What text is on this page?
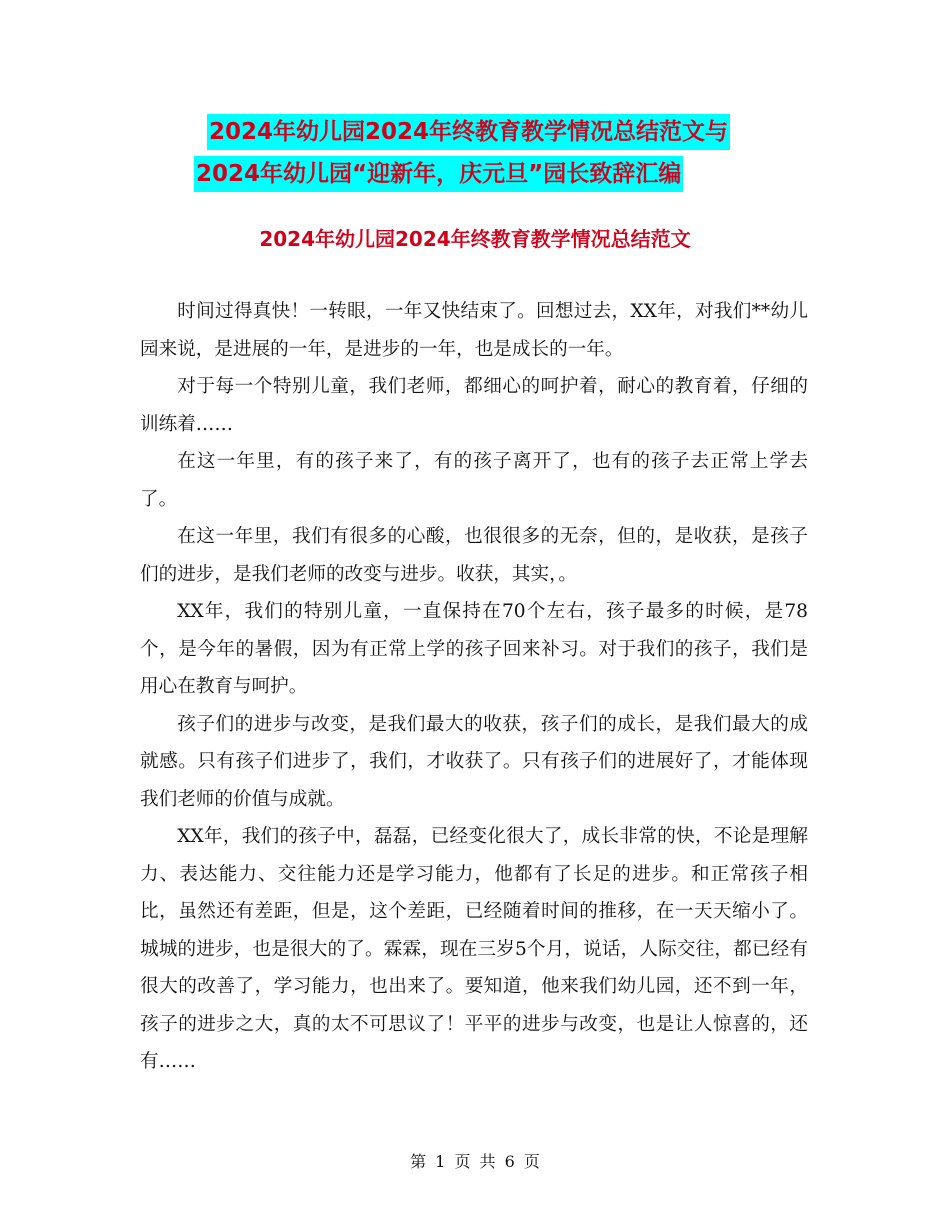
2024年幼儿园2024年终教育教学情况总结范文与
2024年幼儿园“迎新年，庆元旦”园长致辞汇编
2024年幼儿园2024年终教育教学情况总结范文

时间过得真快！一转眼，一年又快结束了。回想过去，XX年，对我们**幼儿园来说，是进展的一年，是进步的一年，也是成长的一年。

对于每一个特别儿童，我们老师，都细心的呵护着，耐心的教育着，仔细的训练着……

在这一年里，有的孩子来了，有的孩子离开了，也有的孩子去正常上学去了。

在这一年里，我们有很多的心酸，也很很多的无奈，但的，是收获，是孩子们的进步，是我们老师的改变与进步。收获，其实，。

XX年，我们的特别儿童，一直保持在70个左右，孩子最多的时候，是78个，是今年的暑假，因为有正常上学的孩子回来补习。对于我们的孩子，我们是用心在教育与呵护。

孩子们的进步与改变，是我们最大的收获，孩子们的成长，是我们最大的成就感。只有孩子们进步了，我们，才收获了。只有孩子们的进展好了，才能体现我们老师的价值与成就。

XX年，我们的孩子中，磊磊，已经变化很大了，成长非常的快，不论是理解力、表达能力、交往能力还是学习能力，他都有了长足的进步。和正常孩子相比，虽然还有差距，但是，这个差距，已经随着时间的推移，在一天天缩小了。城城的进步，也是很大的了。霖霖，现在三岁5个月，说话，人际交往，都已经有很大的改善了，学习能力，也出来了。要知道，他来我们幼儿园，还不到一年，孩子的进步之大，真的太不可思议了！平平的进步与改变，也是让人惊喜的，还有……

第 1 页 共 6 页
